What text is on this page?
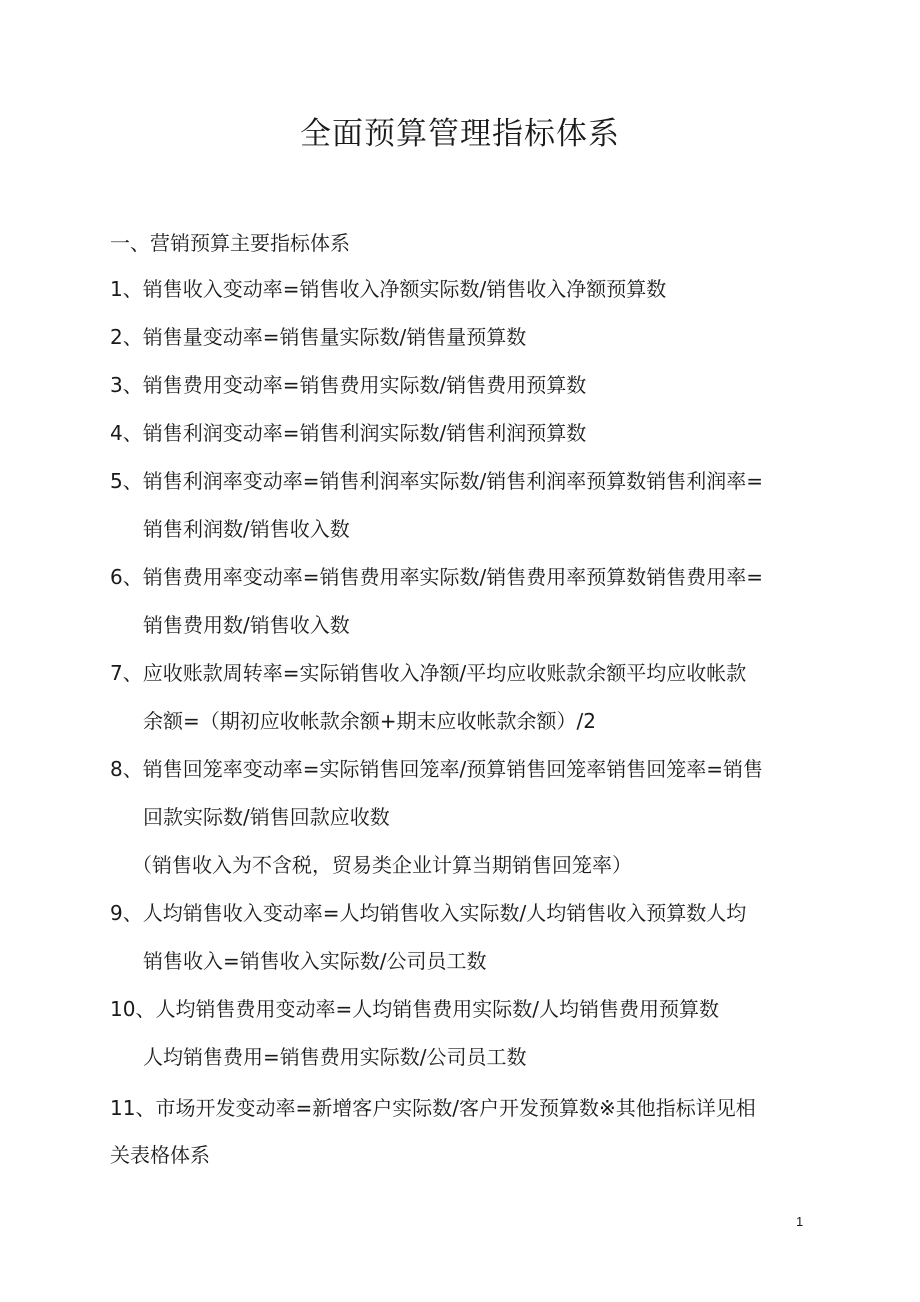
全面预算管理指标体系
一、营销预算主要指标体系
1、销售收入变动率=销售收入净额实际数/销售收入净额预算数
2、销售量变动率=销售量实际数/销售量预算数
3、销售费用变动率=销售费用实际数/销售费用预算数
4、销售利润变动率=销售利润实际数/销售利润预算数
5、销售利润率变动率=销售利润率实际数/销售利润率预算数销售利润率=
销售利润数/销售收入数
6、销售费用率变动率=销售费用率实际数/销售费用率预算数销售费用率=
销售费用数/销售收入数
7、应收账款周转率=实际销售收入净额/平均应收账款余额平均应收帐款
余额=（期初应收帐款余额+期末应收帐款余额）/2
8、销售回笼率变动率=实际销售回笼率/预算销售回笼率销售回笼率=销售
回款实际数/销售回款应收数
（销售收入为不含税，贸易类企业计算当期销售回笼率）
9、人均销售收入变动率=人均销售收入实际数/人均销售收入预算数人均
销售收入=销售收入实际数/公司员工数
10、人均销售费用变动率=人均销售费用实际数/人均销售费用预算数
人均销售费用=销售费用实际数/公司员工数
11、市场开发变动率=新增客户实际数/客户开发预算数※其他指标详见相
关表格体系
1
